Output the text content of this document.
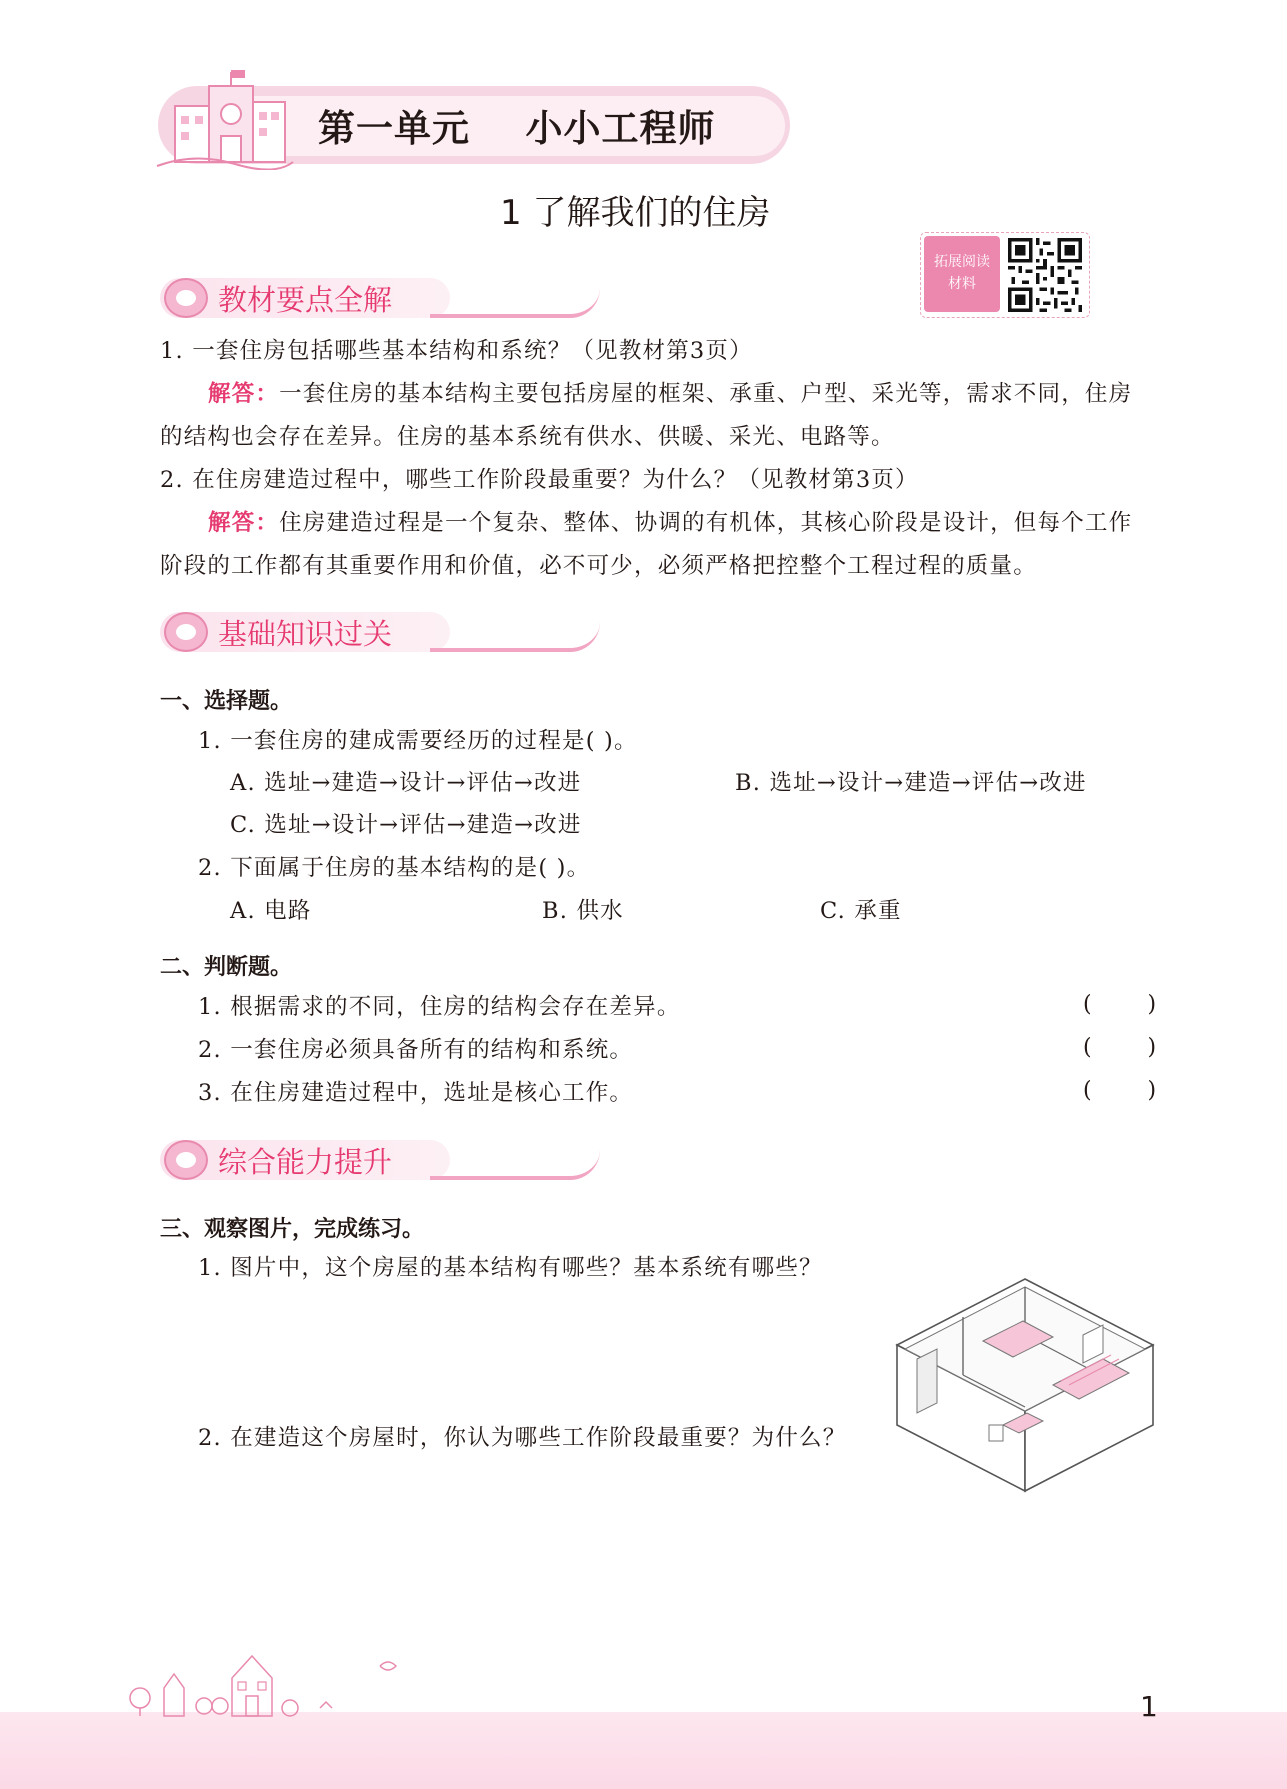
第一单元    小小工程师
1 了解我们的住房
拓展阅读
材料
教材要点全解
1. 一套住房包括哪些基本结构和系统？（见教材第3页）
解答：一套住房的基本结构主要包括房屋的框架、承重、户型、采光等，需求不同，住房
的结构也会存在差异。住房的基本系统有供水、供暖、采光、电路等。
2. 在住房建造过程中，哪些工作阶段最重要？为什么？（见教材第3页）
解答：住房建造过程是一个复杂、整体、协调的有机体，其核心阶段是设计，但每个工作
阶段的工作都有其重要作用和价值，必不可少，必须严格把控整个工程过程的质量。
基础知识过关
一、选择题。
1. 一套住房的建成需要经历的过程是( )。
A. 选址→建造→设计→评估→改进	B. 选址→设计→建造→评估→改进
C. 选址→设计→评估→建造→改进
2. 下面属于住房的基本结构的是( )。
A. 电路	B. 供水	C. 承重
二、判断题。
1. 根据需求的不同，住房的结构会存在差异。	(        )
2. 一套住房必须具备所有的结构和系统。	(        )
3. 在住房建造过程中，选址是核心工作。	(        )
综合能力提升
三、观察图片，完成练习。
1. 图片中，这个房屋的基本结构有哪些？基本系统有哪些？
2. 在建造这个房屋时，你认为哪些工作阶段最重要？为什么？
1
